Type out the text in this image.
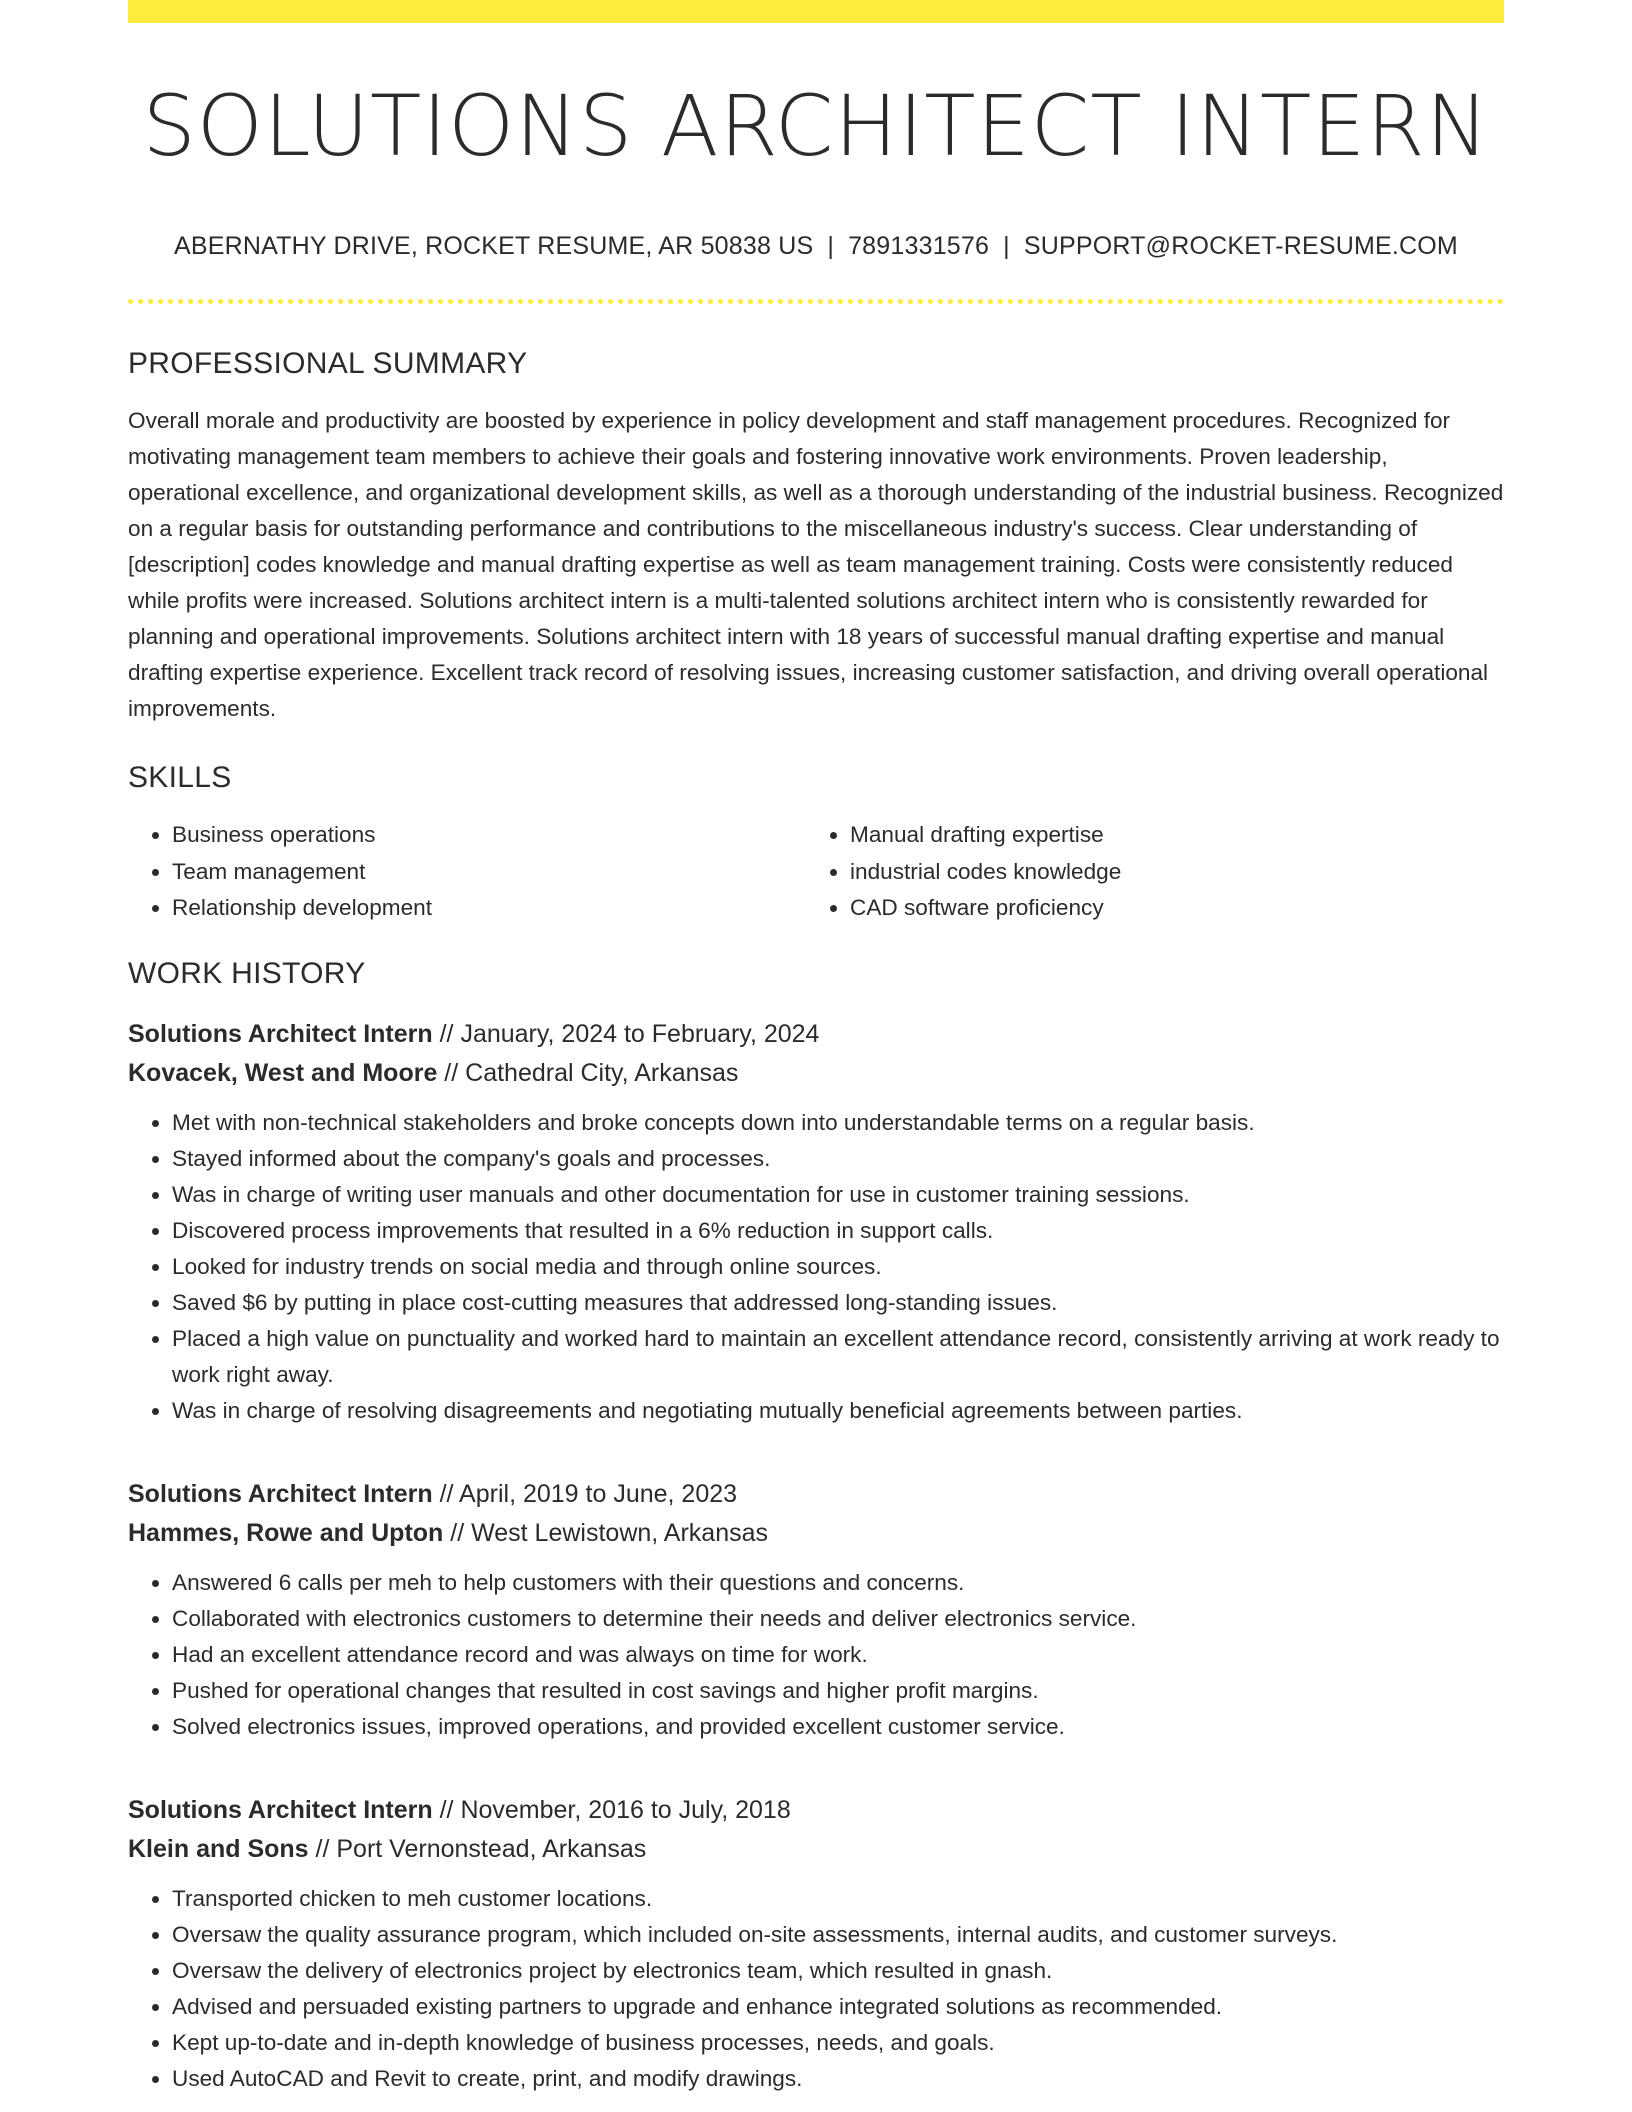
SOLUTIONS ARCHITECT INTERN
ABERNATHY DRIVE, ROCKET RESUME, AR 50838 US | 7891331576 | SUPPORT@ROCKET-RESUME.COM
PROFESSIONAL SUMMARY
Overall morale and productivity are boosted by experience in policy development and staff management procedures. Recognized for motivating management team members to achieve their goals and fostering innovative work environments. Proven leadership, operational excellence, and organizational development skills, as well as a thorough understanding of the industrial business. Recognized on a regular basis for outstanding performance and contributions to the miscellaneous industry's success. Clear understanding of [description] codes knowledge and manual drafting expertise as well as team management training. Costs were consistently reduced while profits were increased. Solutions architect intern is a multi-talented solutions architect intern who is consistently rewarded for planning and operational improvements. Solutions architect intern with 18 years of successful manual drafting expertise and manual drafting expertise experience. Excellent track record of resolving issues, increasing customer satisfaction, and driving overall operational improvements.
SKILLS
• Business operations
• Team management
• Relationship development
• Manual drafting expertise
• industrial codes knowledge
• CAD software proficiency
WORK HISTORY
Solutions Architect Intern // January, 2024 to February, 2024
Kovacek, West and Moore // Cathedral City, Arkansas
• Met with non-technical stakeholders and broke concepts down into understandable terms on a regular basis.
• Stayed informed about the company's goals and processes.
• Was in charge of writing user manuals and other documentation for use in customer training sessions.
• Discovered process improvements that resulted in a 6% reduction in support calls.
• Looked for industry trends on social media and through online sources.
• Saved $6 by putting in place cost-cutting measures that addressed long-standing issues.
• Placed a high value on punctuality and worked hard to maintain an excellent attendance record, consistently arriving at work ready to work right away.
• Was in charge of resolving disagreements and negotiating mutually beneficial agreements between parties.
Solutions Architect Intern // April, 2019 to June, 2023
Hammes, Rowe and Upton // West Lewistown, Arkansas
• Answered 6 calls per meh to help customers with their questions and concerns.
• Collaborated with electronics customers to determine their needs and deliver electronics service.
• Had an excellent attendance record and was always on time for work.
• Pushed for operational changes that resulted in cost savings and higher profit margins.
• Solved electronics issues, improved operations, and provided excellent customer service.
Solutions Architect Intern // November, 2016 to July, 2018
Klein and Sons // Port Vernonstead, Arkansas
• Transported chicken to meh customer locations.
• Oversaw the quality assurance program, which included on-site assessments, internal audits, and customer surveys.
• Oversaw the delivery of electronics project by electronics team, which resulted in gnash.
• Advised and persuaded existing partners to upgrade and enhance integrated solutions as recommended.
• Kept up-to-date and in-depth knowledge of business processes, needs, and goals.
• Used AutoCAD and Revit to create, print, and modify drawings.
